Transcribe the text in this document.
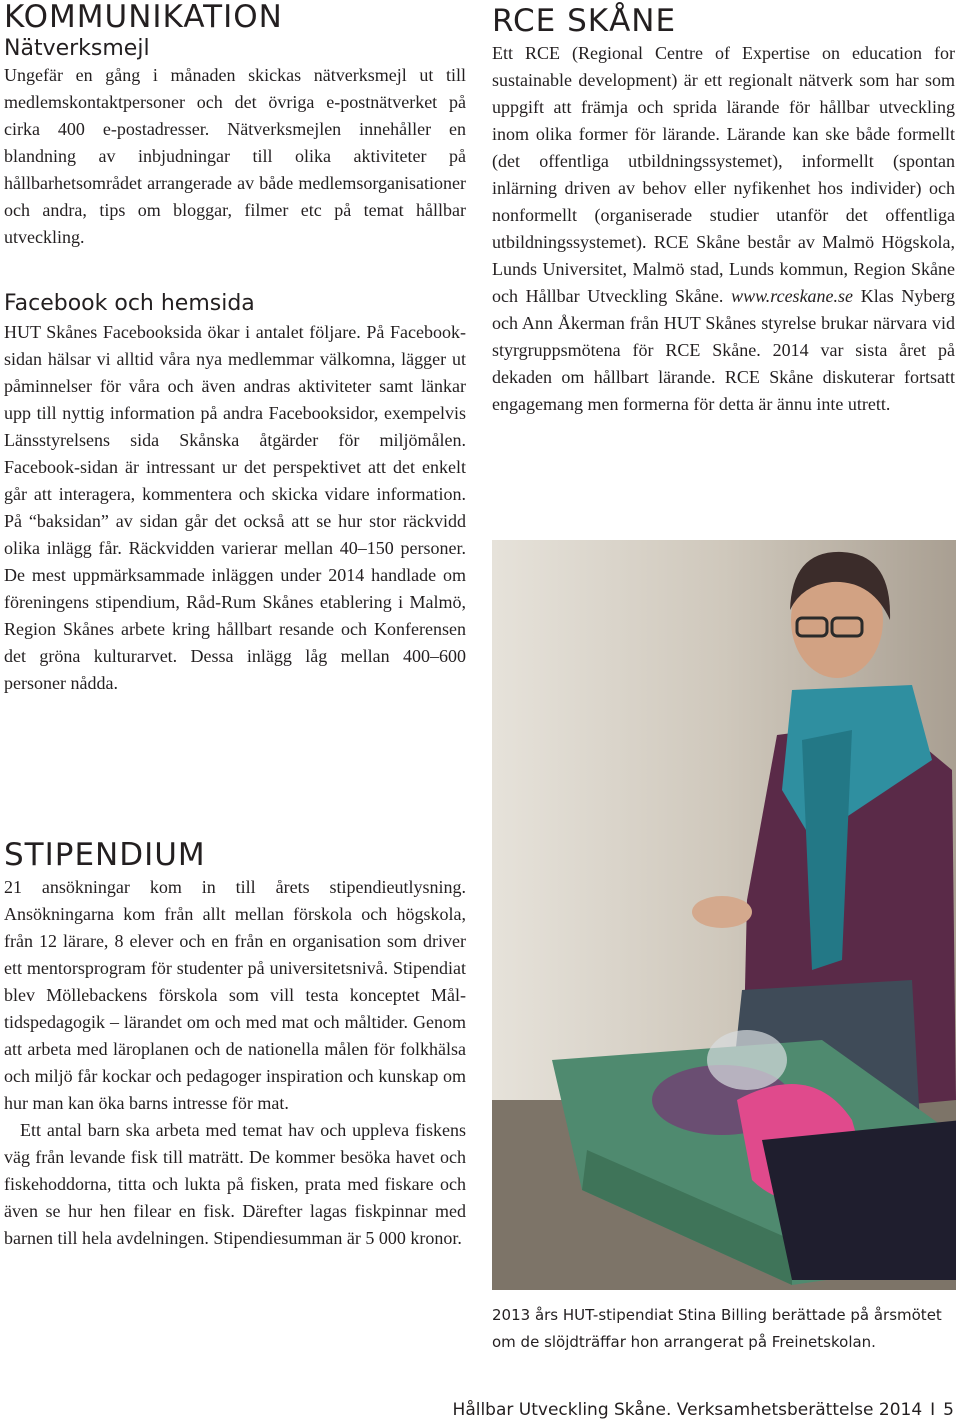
KOMMUNIKATION
Nätverksmejl

Ungefär en gång i månaden skickas nätverksmejl ut till medlemskontaktpersoner och det övriga e-postnätverket på cirka 400 e-postadresser. Nätverksmejlen innehåller en blandning av inbjudningar till olika aktiviteter på hållbarhetsområdet arrangerade av både medlemsorganisationer och andra, tips om bloggar, filmer etc på temat hållbar utveckling.

Facebook och hemsida

HUT Skånes Facebooksida ökar i antalet följare. På Facebook-sidan hälsar vi alltid våra nya medlemmar välkomna, lägger ut påminnelser för våra och även andras aktiviteter samt länkar upp till nyttig information på andra Facebooksidor, exempelvis Länsstyrelsens sida Skånska åtgärder för miljömålen. Facebook-sidan är intressant ur det perspektivet att det enkelt går att interagera, kommentera och skicka vidare information. På “baksidan” av sidan går det också att se hur stor räckvidd olika inlägg får. Räckvidden varierar mellan 40–150 personer. De mest uppmärksammade inläggen under 2014 handlade om föreningens stipendium, Råd-Rum Skånes etablering i Malmö, Region Skånes arbete kring hållbart resande och Konferensen det gröna kulturarvet. Dessa inlägg låg mellan 400–600 personer nådda.

STIPENDIUM

21 ansökningar kom in till årets stipendieutlysning. Ansökningarna kom från allt mellan förskola och högskola, från 12 lärare, 8 elever och en från en organisation som driver ett mentorsprogram för studenter på universitetsnivå. Stipendiat blev Möllebackens förskola som vill testa konceptet Måltidspedagogik – lärandet om och med mat och måltider. Genom att arbeta med läroplanen och de nationella målen för folkhälsa och miljö får kockar och pedagoger inspiration och kunskap om hur man kan öka barns intresse för mat.

Ett antal barn ska arbeta med temat hav och uppleva fiskens väg från levande fisk till maträtt. De kommer besöka havet och fiskehoddorna, titta och lukta på fisken, prata med fiskare och även se hur hen filear en fisk. Därefter lagas fiskpinnar med barnen till hela avdelningen. Stipendiesumman är 5 000 kronor.

RCE SKÅNE

Ett RCE (Regional Centre of Expertise on education for sustainable development) är ett regionalt nätverk som har som uppgift att främja och sprida lärande för hållbar utveckling inom olika former för lärande. Lärande kan ske både formellt (det offentliga utbildningssystemet), informellt (spontan inlärning driven av behov eller nyfikenhet hos individer) och nonformellt (organiserade studier utanför det offentliga utbildningssystemet). RCE Skåne består av Malmö Högskola, Lunds Universitet, Malmö stad, Lunds kommun, Region Skåne och Hållbar Utveckling Skåne. www.rceskane.se Klas Nyberg och Ann Åkerman från HUT Skånes styrelse brukar närvara vid styrgruppsmötena för RCE Skåne. 2014 var sista året på dekaden om hållbart lärande. RCE Skåne diskuterar fortsatt engagemang men formerna för detta är ännu inte utrett.

2013 års HUT-stipendiat Stina Billing berättade på årsmötet om de slöjdträffar hon arrangerat på Freinetskolan.
Hållbar Utveckling Skåne. Verksamhetsberättelse 2014 I 5
